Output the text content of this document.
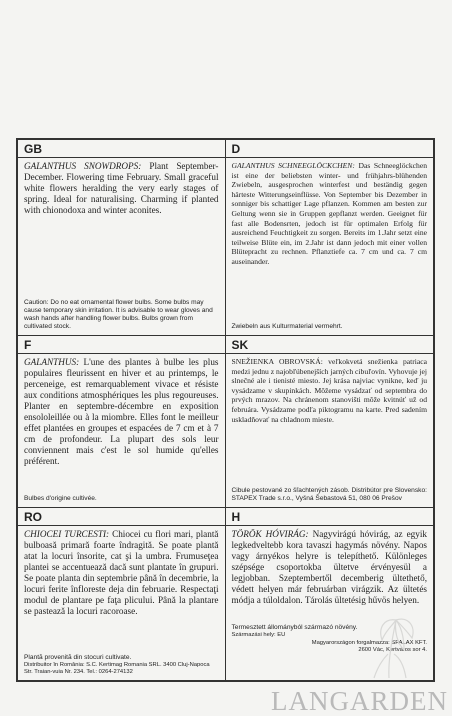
GB
GALANTHUS SNOWDROPS: Plant September-December. Flowering time February. Small graceful white flowers heralding the very early stages of spring. Ideal for naturalising. Charming if planted with chionodoxa and winter aconites.
Caution: Do no eat ornamental flower bulbs. Some bulbs may cause temporary skin irritation. It is advisable to wear gloves and wash hands after handling flower bulbs. Bulbs grown from cultivated stock.
D
GALANTHUS SCHNEEGLÖCKCHEN: Das Schneeglöckchen ist eine der beliebsten winter- und frühjahrs-blühenden Zwiebeln, ausgesprochen winterfest und beständig gegen härteste Witterungseinflüsse. Von September bis Dezember in sonniger bis schattiger Lage pflanzen. Kommen am besten zur Geltung wenn sie in Gruppen gepflanzt werden. Geeignet für fast alle Bodensrten, jedoch ist für optimalen Erfolg für ausreichend Feuchtigkeit zu sorgen. Bereits im 1.Jahr setzt eine teilweise Blüte ein, im 2.Jahr ist dann jedoch mit einer vollen Blütepracht zu rechnen. Pflanztiefe ca. 7 cm und ca. 7 cm auseinander.
Zwiebeln aus Kulturmaterial vermehrt.
F
GALANTHUS: L'une des plantes à bulbe les plus populaires fleurissent en hiver et au printemps, le perceneige, est remarquablement vivace et résiste aux conditions atmosphériques les plus regoureuses. Planter en septembre-décembre en exposition ensololeillée ou à la miombre. Elles font le meilleur effet plantées en groupes et espacées de 7 cm et à 7 cm de profondeur. La plupart des sols leur conviennent mais c'est le sol humide qu'elles préférent.
Bulbes d'origine cultivée.
SK
SNEŽIENKA OBROVSKÁ: veľkokvetá snežienka patriaca medzi jednu z najobľúbenejších jarných cibuľovín. Vyhovuje jej slnečné ale i tienisté miesto. Jej krása najviac vynikne, keď ju vysádzame v skupinkách. Môžeme vysádzať od septembra do prvých mrazov. Na chránenom stanovišti môže kvitnúť už od februára. Vysádzame podľa piktogramu na karte. Pred sadením uskladňovať na chladnom mieste.
Cibule pestované zo šľachtených zásob. Distribútor pre Slovensko: STAPEX Trade s.r.o., Vyšná Šebastová 51, 080 06 Prešov
RO
CHIOCEI TURCESTI: Chiocei cu flori mari, plantă bulboasă primară foarte îndragită. Se poate plantă atat la locuri însorite, cat şi la umbra. Frumuseţea plantei se accentuează dacă sunt plantate în grupuri. Se poate planta din septembrie până în decembrie, la locuri ferite înfloreste deja din februarie. Respectaţi modul de plantare pe faţa plicului. Până la plantare se pastează la locuri racoroase.
Plantă provenită din stocuri cultivate.
Distribuitor în România: S.C. Kertimag Romania SRL. 3400 Cluj-Napoca Str. Traian-vuia Nr. 234. Tel.: 0264-274132
H
TÖRÖK HÓVIRÁG: Nagyvirágú hóvirág, az egyik legkedveltebb kora tavaszi hagymás növény. Napos vagy árnyékos helyre is telepíthető. Különleges szépsége csoportokba ültetve érvényesül a legjobban. Szeptembertől decemberig ültethető, védett helyen már februárban virágzik. Az ültetés módja a túloldalon. Tárolás ültetésig hűvös helyen.
Termesztett állományból származó növény.
Származási hely: EU
Magyarországon forgalmazza: SPALAX KFT.
2600 Vác, Kertváros sor 4.
LANGARDEN
